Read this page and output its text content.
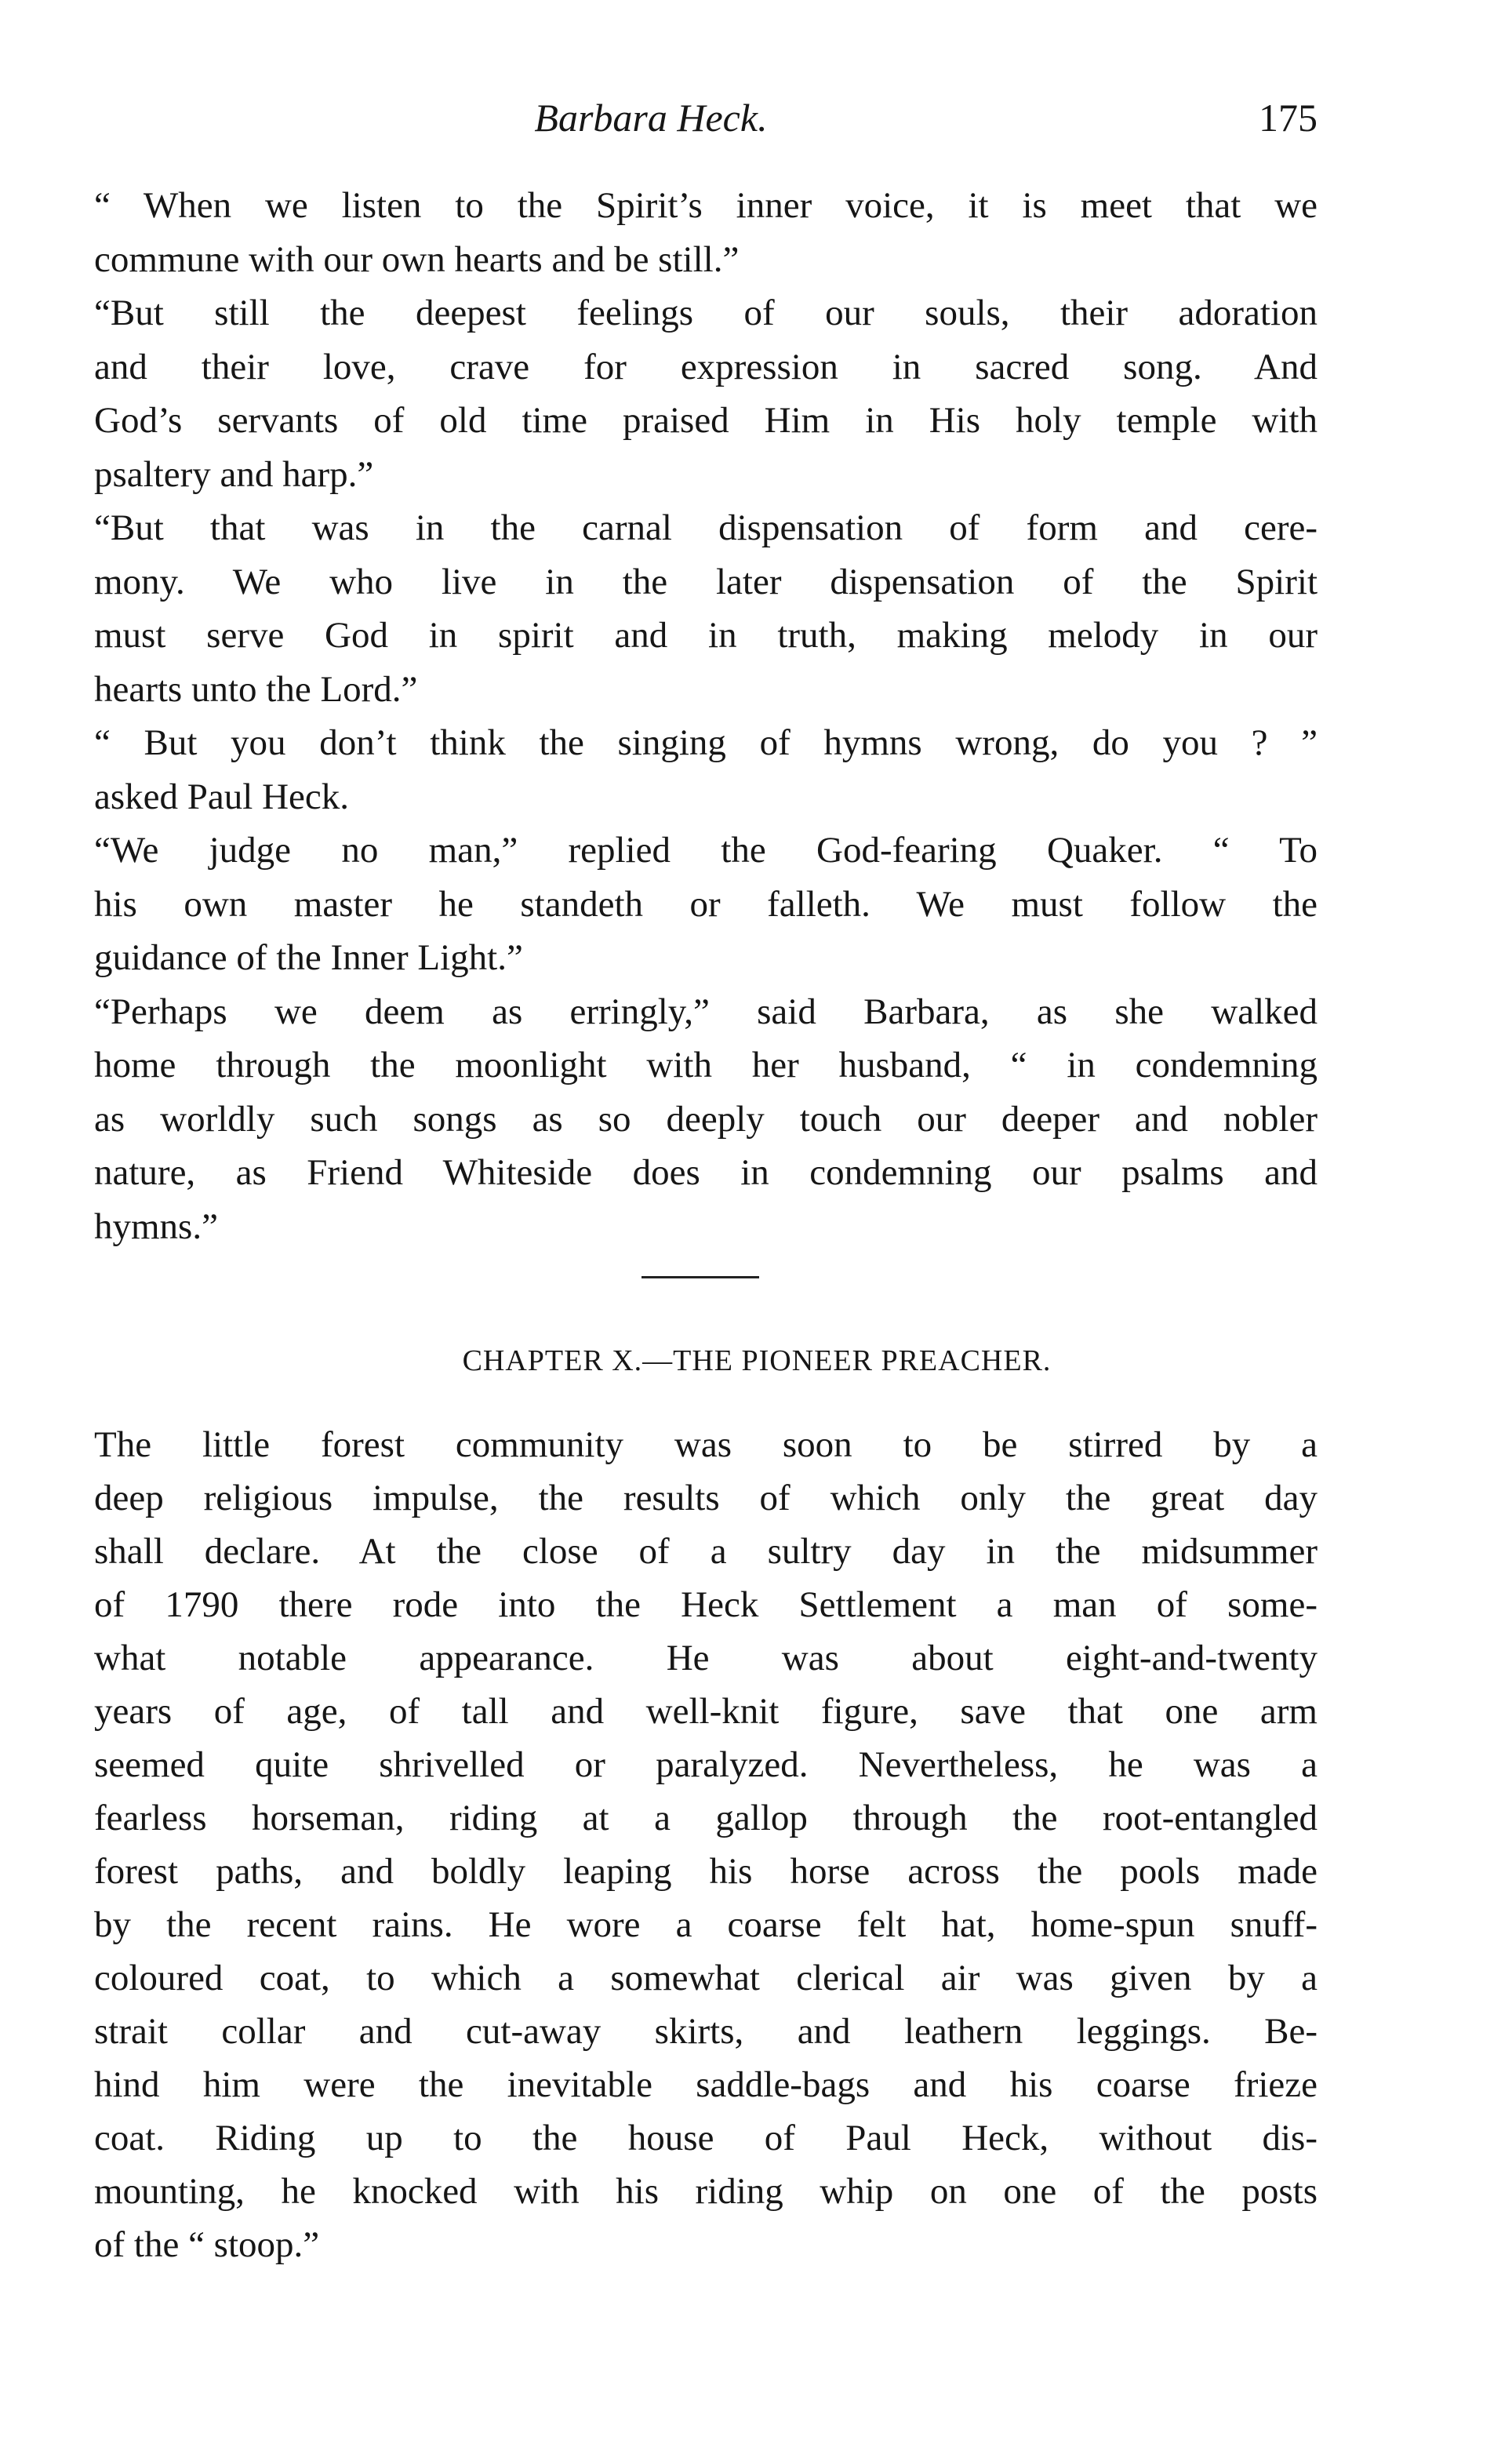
Barbara Heck.	175

“ When we listen to the Spirit’s inner voice, it is meet that we
commune with our own hearts and be still.”

“But still the deepest feelings of our souls, their adoration
and their love, crave for expression in sacred song. And
God’s servants of old time praised Him in His holy temple with
psaltery and harp.”

“But that was in the carnal dispensation of form and cere-
mony. We who live in the later dispensation of the Spirit
must serve God in spirit and in truth, making melody in our
hearts unto the Lord.”

“ But you don’t think the singing of hymns wrong, do you ? ”
asked Paul Heck.

“We judge no man,” replied the God-fearing Quaker. “ To
his own master he standeth or falleth. We must follow the
guidance of the Inner Light.”

“Perhaps we deem as erringly,” said Barbara, as she walked
home through the moonlight with her husband, “ in condemning
as worldly such songs as so deeply touch our deeper and nobler
nature, as Friend Whiteside does in condemning our psalms and
hymns.”

CHAPTER X.—THE PIONEER PREACHER.

The little forest community was soon to be stirred by a
deep religious impulse, the results of which only the great day
shall declare. At the close of a sultry day in the midsummer
of 1790 there rode into the Heck Settlement a man of some-
what notable appearance. He was about eight-and-twenty
years of age, of tall and well-knit figure, save that one arm
seemed quite shrivelled or paralyzed. Nevertheless, he was a
fearless horseman, riding at a gallop through the root-entangled
forest paths, and boldly leaping his horse across the pools made
by the recent rains. He wore a coarse felt hat, home-spun snuff-
coloured coat, to which a somewhat clerical air was given by a
strait collar and cut-away skirts, and leathern leggings. Be-
hind him were the inevitable saddle-bags and his coarse frieze
coat. Riding up to the house of Paul Heck, without dis-
mounting, he knocked with his riding whip on one of the posts
of the “ stoop.”
